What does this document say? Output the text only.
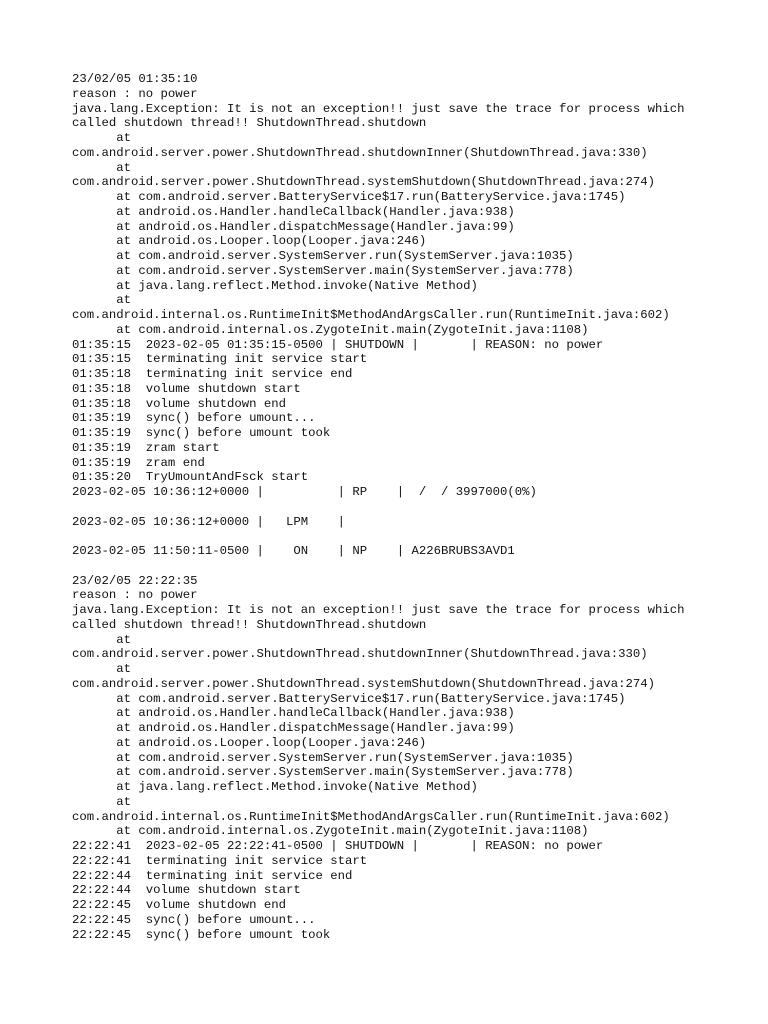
23/02/05 01:35:10
reason : no power
java.lang.Exception: It is not an exception!! just save the trace for process which
called shutdown thread!! ShutdownThread.shutdown
at
com.android.server.power.ShutdownThread.shutdownInner(ShutdownThread.java:330)
at
com.android.server.power.ShutdownThread.systemShutdown(ShutdownThread.java:274)
at com.android.server.BatteryService$17.run(BatteryService.java:1745)
at android.os.Handler.handleCallback(Handler.java:938)
at android.os.Handler.dispatchMessage(Handler.java:99)
at android.os.Looper.loop(Looper.java:246)
at com.android.server.SystemServer.run(SystemServer.java:1035)
at com.android.server.SystemServer.main(SystemServer.java:778)
at java.lang.reflect.Method.invoke(Native Method)
at
com.android.internal.os.RuntimeInit$MethodAndArgsCaller.run(RuntimeInit.java:602)
at com.android.internal.os.ZygoteInit.main(ZygoteInit.java:1108)
01:35:15  2023-02-05 01:35:15-0500 | SHUTDOWN |       | REASON: no power
01:35:15  terminating init service start
01:35:18  terminating init service end
01:35:18  volume shutdown start
01:35:18  volume shutdown end
01:35:19  sync() before umount...
01:35:19  sync() before umount took
01:35:19  zram start
01:35:19  zram end
01:35:20  TryUmountAndFsck start
2023-02-05 10:36:12+0000 |          | RP    |  /  / 3997000(0%)
2023-02-05 10:36:12+0000 |   LPM    |
2023-02-05 11:50:11-0500 |    ON    | NP    | A226BRUBS3AVD1
23/02/05 22:22:35
reason : no power
java.lang.Exception: It is not an exception!! just save the trace for process which
called shutdown thread!! ShutdownThread.shutdown
at
com.android.server.power.ShutdownThread.shutdownInner(ShutdownThread.java:330)
at
com.android.server.power.ShutdownThread.systemShutdown(ShutdownThread.java:274)
at com.android.server.BatteryService$17.run(BatteryService.java:1745)
at android.os.Handler.handleCallback(Handler.java:938)
at android.os.Handler.dispatchMessage(Handler.java:99)
at android.os.Looper.loop(Looper.java:246)
at com.android.server.SystemServer.run(SystemServer.java:1035)
at com.android.server.SystemServer.main(SystemServer.java:778)
at java.lang.reflect.Method.invoke(Native Method)
at
com.android.internal.os.RuntimeInit$MethodAndArgsCaller.run(RuntimeInit.java:602)
at com.android.internal.os.ZygoteInit.main(ZygoteInit.java:1108)
22:22:41  2023-02-05 22:22:41-0500 | SHUTDOWN |       | REASON: no power
22:22:41  terminating init service start
22:22:44  terminating init service end
22:22:44  volume shutdown start
22:22:45  volume shutdown end
22:22:45  sync() before umount...
22:22:45  sync() before umount took
